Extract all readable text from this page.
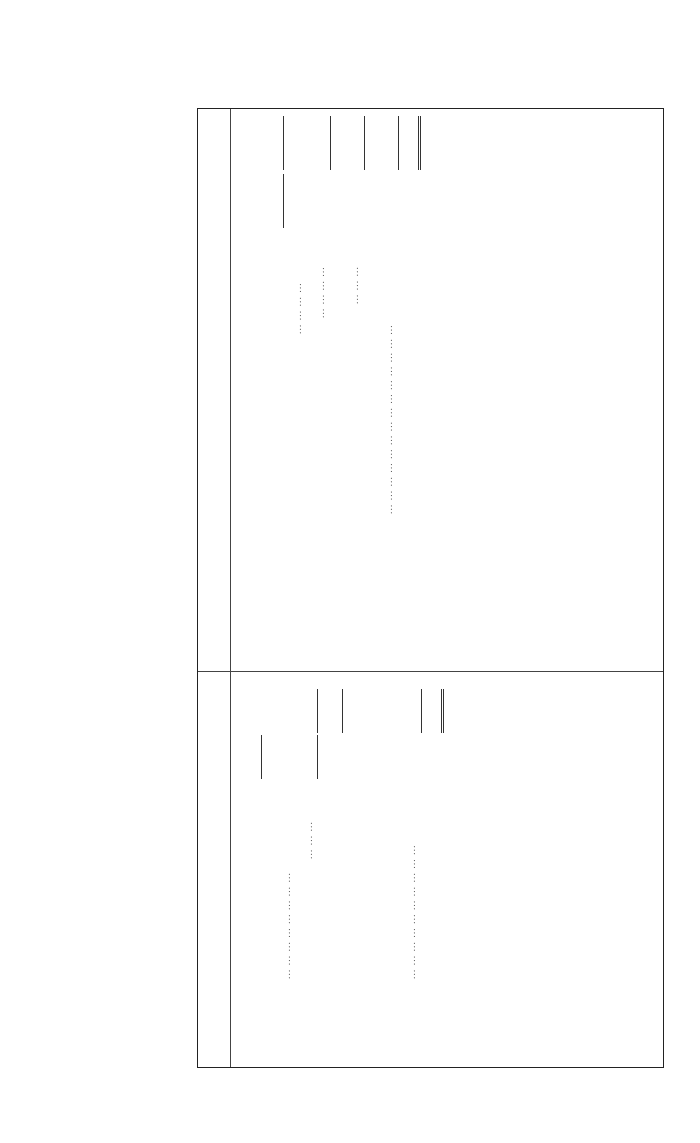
... ... ... ... ... ... ... ...
... ... ...
... ... ... ... ... ... ... ... ... ...
... ... ... ... ... ... ... ... ... ... ...
... ... ... ... ... ... ... ... ... ... ... ... ... ...
